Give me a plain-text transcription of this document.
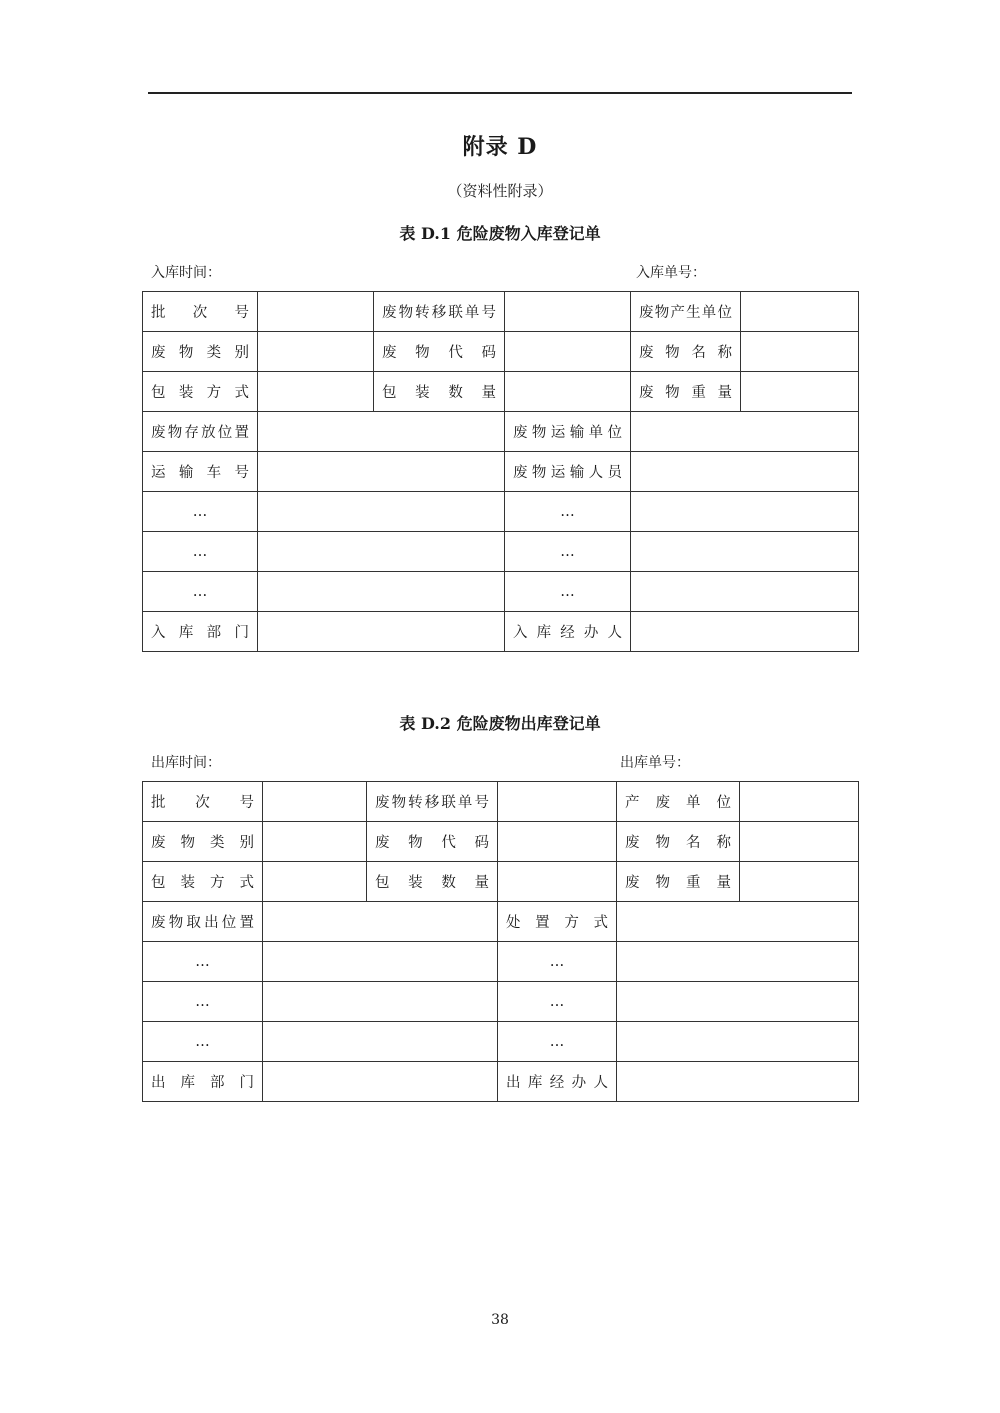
附录 D
（资料性附录）
表 D.1 危险废物入库登记单
入库时间：	入库单号：
批 次 号		废物转移联单号		废物产生单位	
废 物 类 别		废 物 代 码		废 物 名 称	
包 装 方 式		包 装 数 量		废 物 重 量	
废物存放位置			废物运输单位		
运 输 车 号			废物运输人员		
…			…		
…			…		
…			…		
入 库 部 门			入 库 经 办 人		
表 D.2 危险废物出库登记单
出库时间：	出库单号：
批 次 号		废物转移联单号		产 废 单 位	
废 物 类 别		废 物 代 码		废 物 名 称	
包 装 方 式		包 装 数 量		废 物 重 量	
废物取出位置			处 置 方 式		
…			…		
…			…		
…			…		
出 库 部 门			出 库 经 办 人		
38
